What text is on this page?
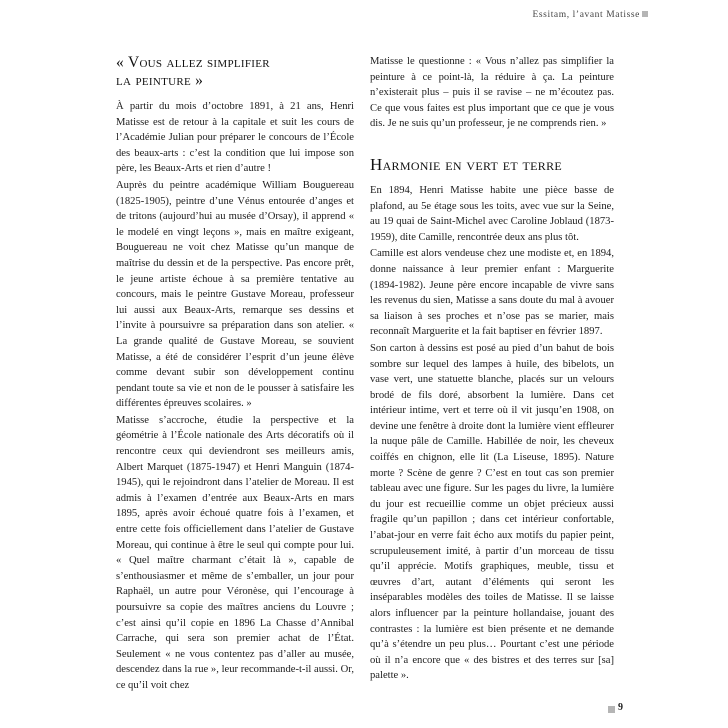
Essitam, l’avant Matisse
« Vous allez simplifier
la peinture »

À partir du mois d’octobre 1891, à 21 ans, Henri Matisse est de retour à la capitale et suit les cours de l’Académie Julian pour préparer le concours de l’École des beaux-arts : c’est la condition que lui impose son père, les Beaux-Arts et rien d’autre !

Auprès du peintre académique William Bouguereau (1825-1905), peintre d’une Vénus entourée d’anges et de tritons (aujourd’hui au musée d’Orsay), il apprend « le modelé en vingt leçons », mais en maître exigeant, Bouguereau ne voit chez Matisse qu’un manque de maîtrise du dessin et de la perspective. Pas encore prêt, le jeune artiste échoue à sa première tentative au concours, mais le peintre Gustave Moreau, professeur lui aussi aux Beaux-Arts, remarque ses dessins et l’invite à poursuivre sa préparation dans son atelier. « La grande qualité de Gustave Moreau, se souvient Matisse, a été de considérer l’esprit d’un jeune élève comme devant subir son développement continu pendant toute sa vie et non de le pousser à satisfaire les différentes épreuves scolaires. »

Matisse s’accroche, étudie la perspective et la géométrie à l’École nationale des Arts décoratifs où il rencontre ceux qui deviendront ses meilleurs amis, Albert Marquet (1875-1947) et Henri Manguin (1874-1945), qui le rejoindront dans l’atelier de Moreau. Il est admis à l’examen d’entrée aux Beaux-Arts en mars 1895, après avoir échoué quatre fois à l’examen, et entre cette fois officiellement dans l’atelier de Gustave Moreau, qui continue à être le seul qui compte pour lui. « Quel maître charmant c’était là », capable de s’enthousiasmer et même de s’emballer, un jour pour Raphaël, un autre pour Véronèse, qui l’encourage à poursuivre sa copie des maîtres anciens du Louvre ; c’est ainsi qu’il copie en 1896 La Chasse d’Annibal Carrache, qui sera son premier achat de l’État. Seulement « ne vous contentez pas d’aller au musée, descendez dans la rue », leur recommande-t-il aussi. Or, ce qu’il voit chez

Matisse le questionne : « Vous n’allez pas simplifier la peinture à ce point-là, la réduire à ça. La peinture n’existerait plus – puis il se ravise – ne m’écoutez pas. Ce que vous faites est plus important que ce que je vous dis. Je ne suis qu’un professeur, je ne comprends rien. »

Harmonie en vert et terre

En 1894, Henri Matisse habite une pièce basse de plafond, au 5e étage sous les toits, avec vue sur la Seine, au 19 quai de Saint-Michel avec Caroline Joblaud (1873-1959), dite Camille, rencontrée deux ans plus tôt.

Camille est alors vendeuse chez une modiste et, en 1894, donne naissance à leur premier enfant : Marguerite (1894-1982). Jeune père encore incapable de vivre sans les revenus du sien, Matisse a sans doute du mal à avouer sa liaison à ses proches et n’ose pas se marier, mais reconnaît Marguerite et la fait baptiser en février 1897.

Son carton à dessins est posé au pied d’un bahut de bois sombre sur lequel des lampes à huile, des bibelots, un vase vert, une statuette blanche, placés sur un velours brodé de fils doré, absorbent la lumière. Dans cet intérieur intime, vert et terre où il vit jusqu’en 1908, on devine une fenêtre à droite dont la lumière vient effleurer la nuque pâle de Camille. Habillée de noir, les cheveux coiffés en chignon, elle lit (La Liseuse, 1895). Nature morte ? Scène de genre ? C’est en tout cas son premier tableau avec une figure. Sur les pages du livre, la lumière du jour est recueillie comme un objet précieux aussi fragile qu’un papillon ; dans cet intérieur confortable, l’abat-jour en verre fait écho aux motifs du papier peint, scrupuleusement imité, à partir d’un morceau de tissu qu’il apprécie. Motifs graphiques, meuble, tissu et œuvres d’art, autant d’éléments qui seront les inséparables modèles des toiles de Matisse. Il se laisse alors influencer par la peinture hollandaise, jouant des contrastes : la lumière est bien présente et ne demande qu’à s’étendre un peu plus… Pourtant c’est une période où il n’a encore que « des bistres et des terres sur [sa] palette ».

9
